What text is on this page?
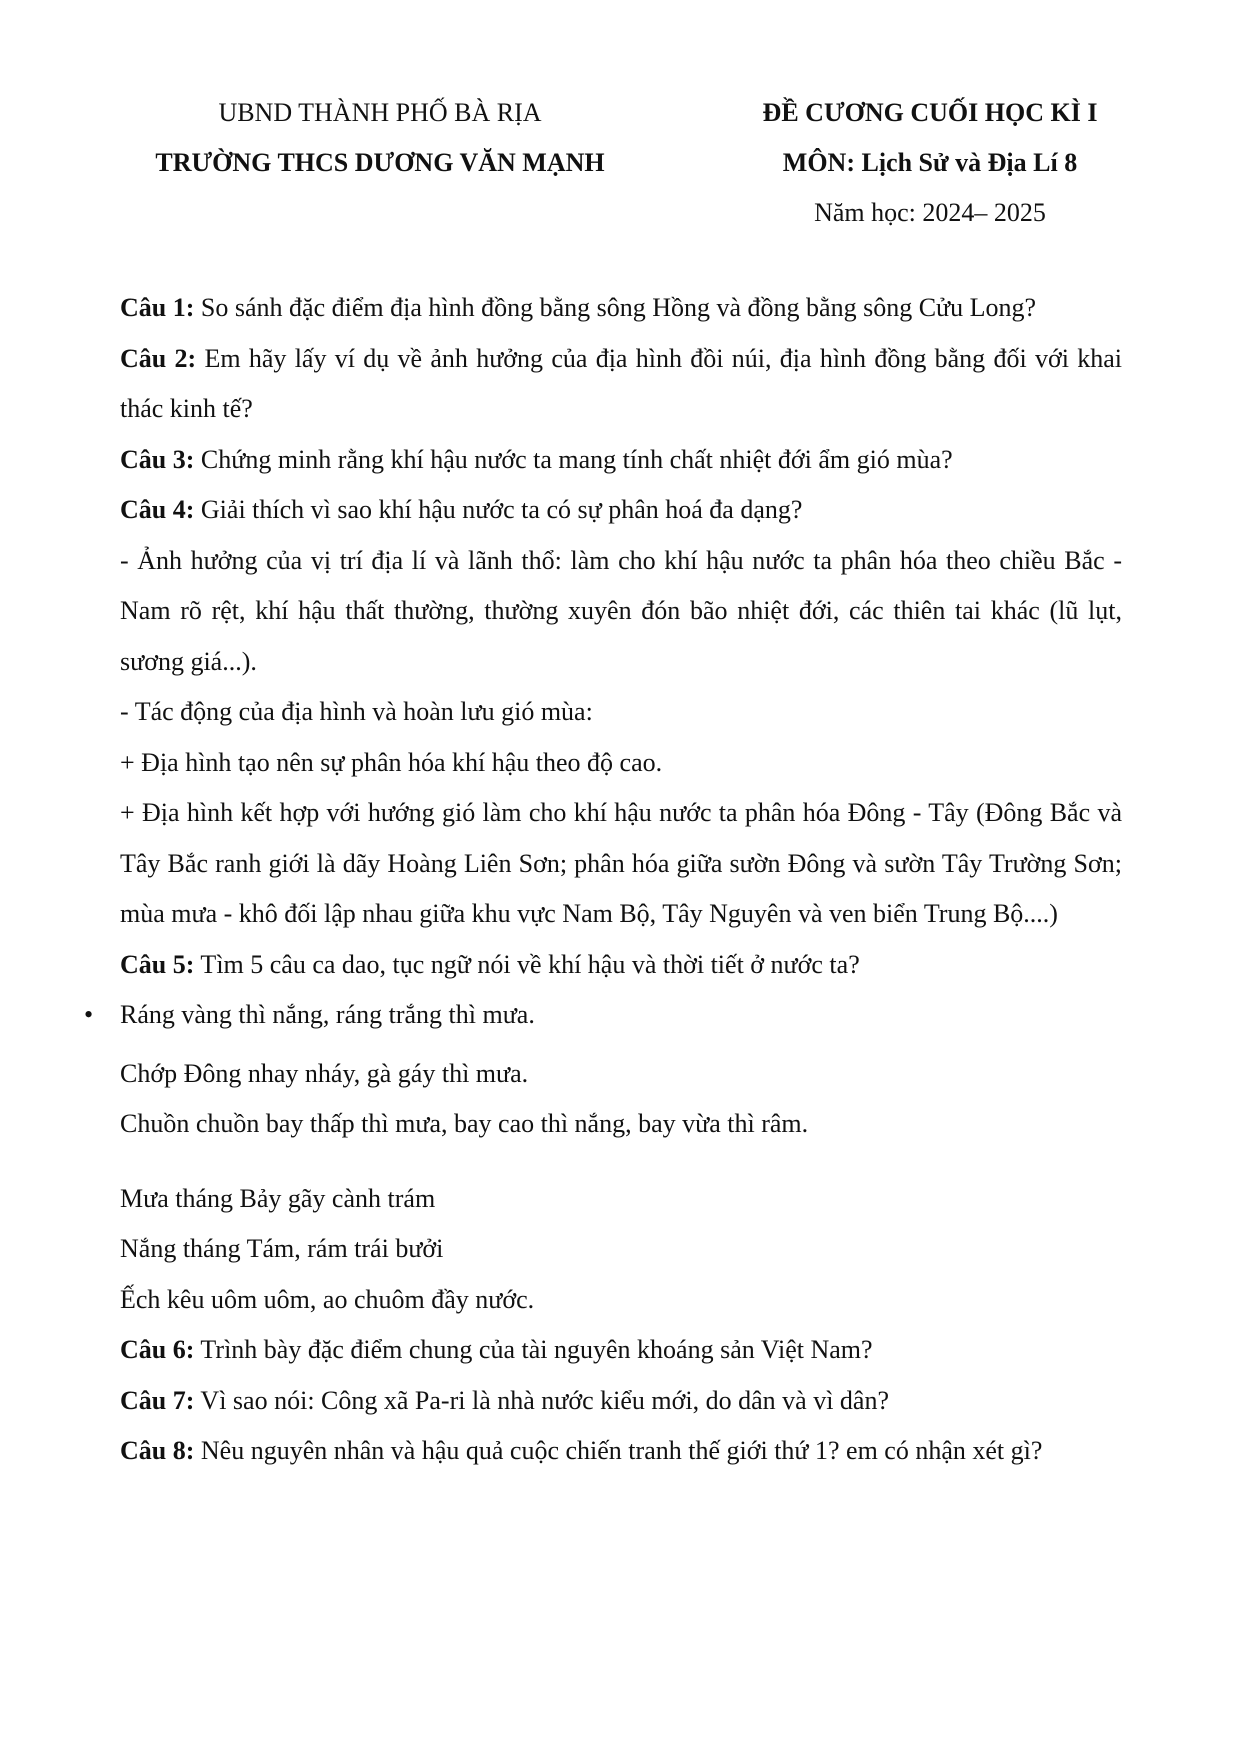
UBND THÀNH PHỐ BÀ RỊA
TRƯỜNG THCS DƯƠNG VĂN MẠNH
ĐỀ CƯƠNG CUỐI HỌC KÌ I
MÔN: Lịch Sử và Địa Lí 8
Năm học: 2024– 2025

Câu 1: So sánh đặc điểm địa hình đồng bằng sông Hồng và đồng bằng sông Cửu Long?

Câu 2: Em hãy lấy ví dụ về ảnh hưởng của địa hình đồi núi, địa hình đồng bằng đối với khai thác kinh tế?

Câu 3: Chứng minh rằng khí hậu nước ta mang tính chất nhiệt đới ẩm gió mùa?

Câu 4: Giải thích vì sao khí hậu nước ta có sự phân hoá đa dạng?

- Ảnh hưởng của vị trí địa lí và lãnh thổ: làm cho khí hậu nước ta phân hóa theo chiều Bắc - Nam rõ rệt, khí hậu thất thường, thường xuyên đón bão nhiệt đới, các thiên tai khác (lũ lụt, sương giá...).

- Tác động của địa hình và hoàn lưu gió mùa:

+ Địa hình tạo nên sự phân hóa khí hậu theo độ cao.

+ Địa hình kết hợp với hướng gió làm cho khí hậu nước ta phân hóa Đông - Tây (Đông Bắc và Tây Bắc ranh giới là dãy Hoàng Liên Sơn; phân hóa giữa sườn Đông và sườn Tây Trường Sơn; mùa mưa - khô đối lập nhau giữa khu vực Nam Bộ, Tây Nguyên và ven biển Trung Bộ....)

Câu 5: Tìm 5 câu ca dao, tục ngữ nói về khí hậu và thời tiết ở nước ta?

• Ráng vàng thì nắng, ráng trắng thì mưa.

Chớp Đông nhay nháy, gà gáy thì mưa.

Chuồn chuồn bay thấp thì mưa, bay cao thì nắng, bay vừa thì râm.

Mưa tháng Bảy gãy cành trám

Nắng tháng Tám, rám trái bưởi

Ếch kêu uôm uôm, ao chuôm đầy nước.

Câu 6: Trình bày đặc điểm chung của tài nguyên khoáng sản Việt Nam?

Câu 7: Vì sao nói: Công xã Pa-ri là nhà nước kiểu mới, do dân và vì dân?

Câu 8: Nêu nguyên nhân và hậu quả cuộc chiến tranh thế giới thứ 1? em có nhận xét gì?
